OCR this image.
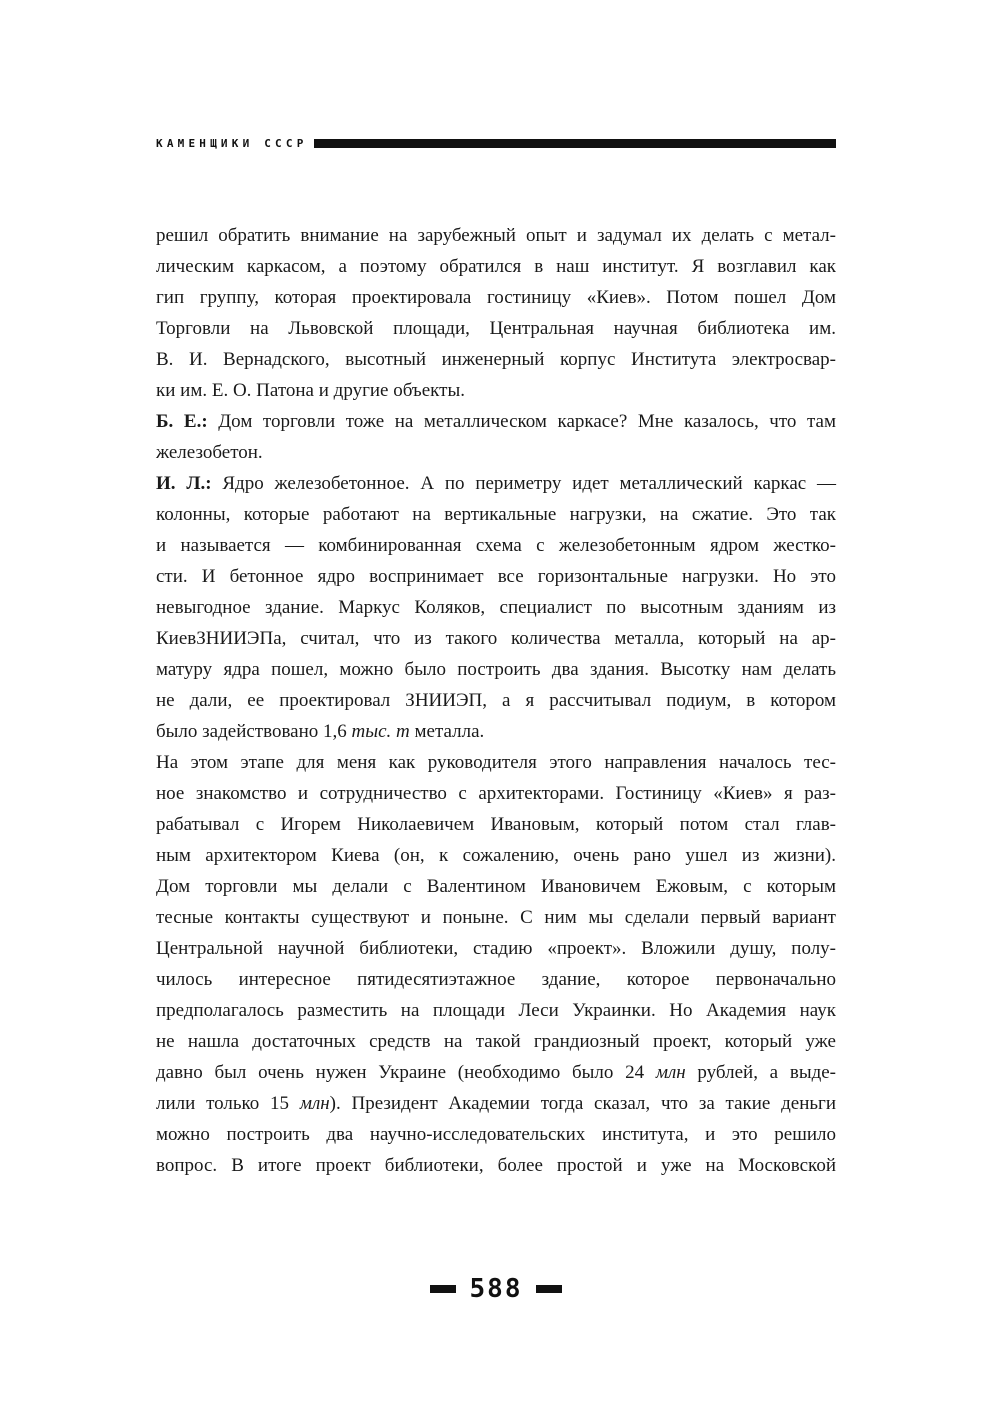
КАМЕНЩИКИ СССР
решил обратить внимание на зарубежный опыт и задумал их делать с метал-
лическим каркасом, а поэтому обратился в наш институт. Я возглавил как
гип группу, которая проектировала гостиницу «Киев». Потом пошел Дом
Торговли на Львовской площади, Центральная научная библиотека им.
В. И. Вернадского, высотный инженерный корпус Института электросвар-
ки им. Е. О. Патона и другие объекты.
Б. Е.: Дом торговли тоже на металлическом каркасе? Мне казалось, что там
железобетон.
И. Л.: Ядро железобетонное. А по периметру идет металлический каркас —
колонны, которые работают на вертикальные нагрузки, на сжатие. Это так
и называется — комбинированная схема с железобетонным ядром жестко-
сти. И бетонное ядро воспринимает все горизонтальные нагрузки. Но это
невыгодное здание. Маркус Коляков, специалист по высотным зданиям из
КиевЗНИИЭПа, считал, что из такого количества металла, который на ар-
матуру ядра пошел, можно было построить два здания. Высотку нам делать
не дали, ее проектировал ЗНИИЭП, а я рассчитывал подиум, в котором
было задействовано 1,6 тыс. т металла.
На этом этапе для меня как руководителя этого направления началось тес-
ное знакомство и сотрудничество с архитекторами. Гостиницу «Киев» я раз-
рабатывал с Игорем Николаевичем Ивановым, который потом стал глав-
ным архитектором Киева (он, к сожалению, очень рано ушел из жизни).
Дом торговли мы делали с Валентином Ивановичем Ежовым, с которым
тесные контакты существуют и поныне. С ним мы сделали первый вариант
Центральной научной библиотеки, стадию «проект». Вложили душу, полу-
чилось интересное пятидесятиэтажное здание, которое первоначально
предполагалось разместить на площади Леси Украинки. Но Академия наук
не нашла достаточных средств на такой грандиозный проект, который уже
давно был очень нужен Украине (необходимо было 24 млн рублей, а выде-
лили только 15 млн). Президент Академии тогда сказал, что за такие деньги
можно построить два научно-исследовательских института, и это решило
вопрос. В итоге проект библиотеки, более простой и уже на Московской
588
